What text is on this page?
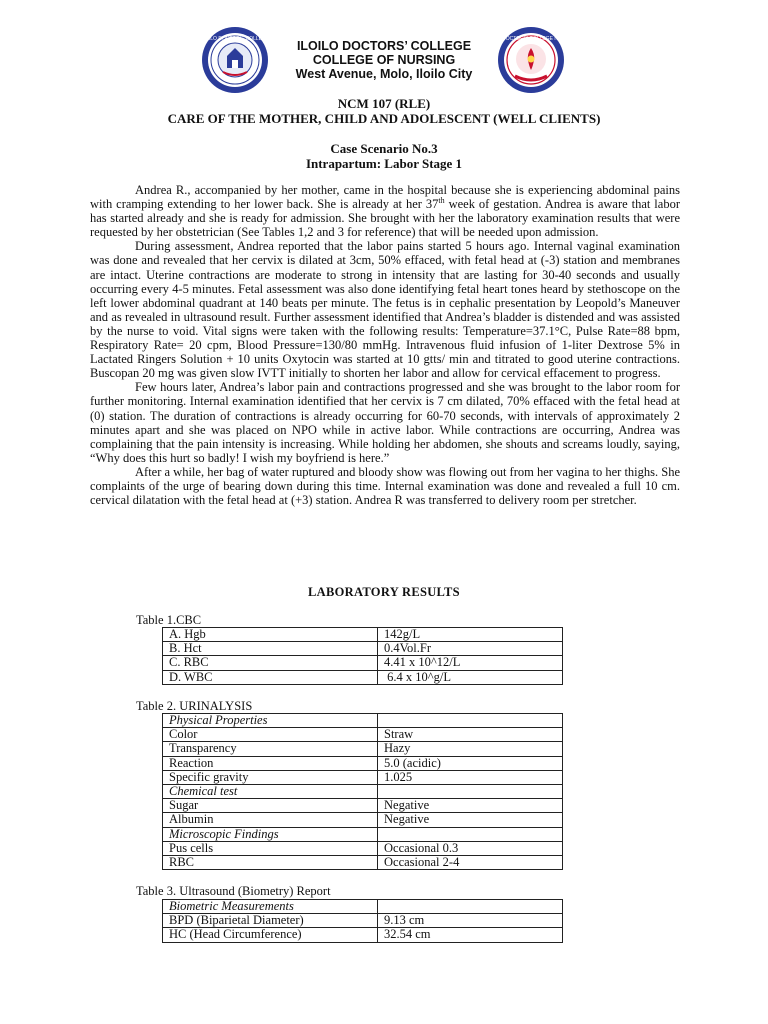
ILOILO DOCTORS' COLLEGE	ILOILO DOCTORS' COLLEGE NURSING
ILOILO DOCTORS’ COLLEGE
COLLEGE OF NURSING
West Avenue, Molo, Iloilo City
NCM 107 (RLE)
CARE OF THE MOTHER, CHILD AND ADOLESCENT (WELL CLIENTS)
Case Scenario No.3
Intrapartum: Labor Stage 1

Andrea R., accompanied by her mother, came in the hospital because she is experiencing abdominal pains with cramping extending to her lower back. She is already at her 37th week of gestation. Andrea is aware that labor has started already and she is ready for admission. She brought with her the laboratory examination results that were requested by her obstetrician (See Tables 1,2 and 3 for reference) that will be needed upon admission.

During assessment, Andrea reported that the labor pains started 5 hours ago. Internal vaginal examination was done and revealed that her cervix is dilated at 3cm, 50% effaced, with fetal head at (-3) station and membranes are intact. Uterine contractions are moderate to strong in intensity that are lasting for 30-40 seconds and usually occurring every 4-5 minutes. Fetal assessment was also done identifying fetal heart tones heard by stethoscope on the left lower abdominal quadrant at 140 beats per minute. The fetus is in cephalic presentation by Leopold’s Maneuver and as revealed in ultrasound result. Further assessment identified that Andrea’s bladder is distended and was assisted by the nurse to void. Vital signs were taken with the following results: Temperature=37.1°C, Pulse Rate=88 bpm, Respiratory Rate= 20 cpm, Blood Pressure=130/80 mmHg. Intravenous fluid infusion of 1-liter Dextrose 5% in Lactated Ringers Solution + 10 units Oxytocin was started at 10 gtts/ min and titrated to good uterine contractions. Buscopan 20 mg was given slow IVTT initially to shorten her labor and allow for cervical effacement to progress.

Few hours later, Andrea’s labor pain and contractions progressed and she was brought to the labor room for further monitoring. Internal examination identified that her cervix is 7 cm dilated, 70% effaced with the fetal head at (0) station. The duration of contractions is already occurring for 60-70 seconds, with intervals of approximately 2 minutes apart and she was placed on NPO while in active labor. While contractions are occurring, Andrea was complaining that the pain intensity is increasing. While holding her abdomen, she shouts and screams loudly, saying, “Why does this hurt so badly! I wish my boyfriend is here.”

After a while, her bag of water ruptured and bloody show was flowing out from her vagina to her thighs. She complaints of the urge of bearing down during this time. Internal examination was done and revealed a full 10 cm. cervical dilatation with the fetal head at (+3) station. Andrea R was transferred to delivery room per stretcher.

LABORATORY RESULTS
Table 1.CBC
A. Hgb	142g/L
B. Hct	0.4Vol.Fr
C. RBC	4.41 x 10^12/L
D. WBC	6.4 x 10^g/L
Table 2. URINALYSIS
Physical Properties	
Color	Straw
Transparency	Hazy
Reaction	5.0 (acidic)
Specific gravity	1.025
Chemical test	
Sugar	Negative
Albumin	Negative
Microscopic Findings	
Pus cells	Occasional 0.3
RBC	Occasional 2-4
Table 3. Ultrasound (Biometry) Report
Biometric Measurements	
BPD (Biparietal Diameter)	9.13 cm
HC (Head Circumference)	32.54 cm
